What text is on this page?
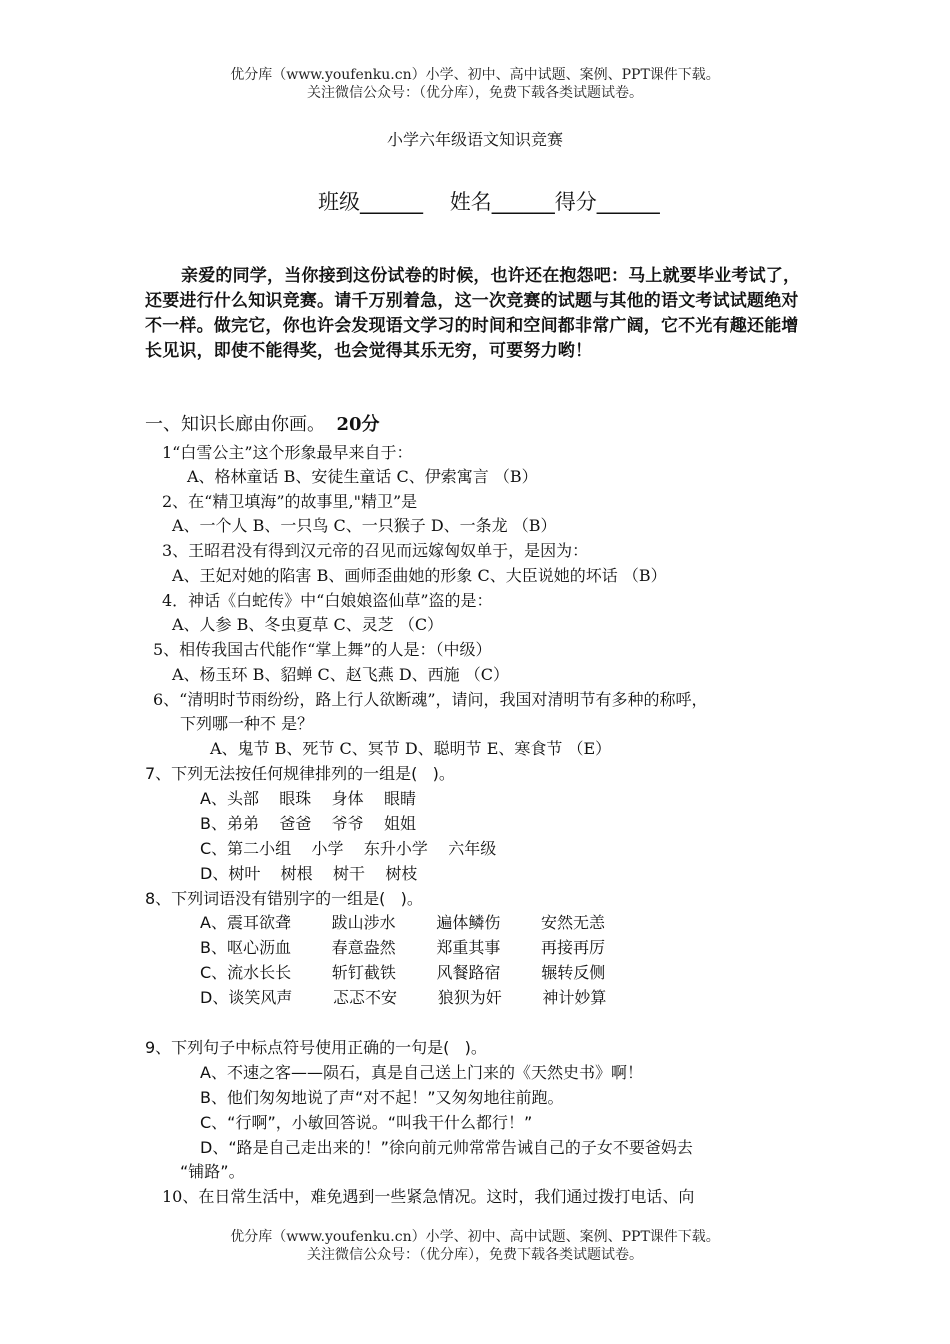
优分库（www.youfenku.cn）小学、初中、高中试题、案例、PPT课件下载。
关注微信公众号：（优分库），免费下载各类试题试卷。
小学六年级语文知识竞赛
班级______    姓名______得分______
亲爱的同学，当你接到这份试卷的时候，也许还在抱怨吧：马上就要毕业考试了，还要进行什么知识竞赛。请千万别着急，这一次竞赛的试题与其他的语文考试试题绝对不一样。做完它，你也许会发现语文学习的时间和空间都非常广阔，它不光有趣还能增长见识，即使不能得奖，也会觉得其乐无穷，可要努力哟！
一、知识长廊由你画。 20分
1“白雪公主”这个形象最早来自于：
A、格林童话 B、安徒生童话 C、伊索寓言 （B）
2、在“精卫填海”的故事里,"精卫”是
A、一个人 B、一只鸟 C、一只猴子 D、一条龙 （B）
3、王昭君没有得到汉元帝的召见而远嫁匈奴单于，是因为：
A、王妃对她的陷害 B、画师歪曲她的形象 C、大臣说她的坏话 （B）
4．神话《白蛇传》中“白娘娘盗仙草”盗的是：
A、人参 B、冬虫夏草 C、灵芝 （C）
5、相传我国古代能作“掌上舞”的人是：（中级）
A、杨玉环 B、貂蝉 C、赵飞燕 D、西施 （C）
6、“清明时节雨纷纷，路上行人欲断魂”，请问，我国对清明节有多种的称呼，
下列哪一种不 是？
A、鬼节 B、死节 C、冥节 D、聪明节 E、寒食节 （E）
7、下列无法按任何规律排列的一组是(   )。
A、头部    眼珠    身体    眼睛
B、弟弟    爸爸    爷爷    姐姐
C、第二小组    小学    东升小学    六年级
D、树叶    树根    树干    树枝
8、下列词语没有错别字的一组是(   )。
A、震耳欲聋        跋山涉水        遍体鳞伤        安然无恙
B、呕心沥血        春意盎然        郑重其事        再接再厉
C、流水长长        斩钉截铁        风餐路宿        辗转反侧
D、谈笑风声        忑忑不安        狼狈为奸        神计妙算
9、下列句子中标点符号使用正确的一句是(   )。
A、不速之客——陨石，真是自己送上门来的《天然史书》啊！
B、他们匆匆地说了声“对不起！”又匆匆地往前跑。
C、“行啊”，小敏回答说。“叫我干什么都行！”
D、“路是自己走出来的！”徐向前元帅常常告诫自己的子女不要爸妈去
“铺路”。
10、在日常生活中，难免遇到一些紧急情况。这时，我们通过拨打电话、向
优分库（www.youfenku.cn）小学、初中、高中试题、案例、PPT课件下载。
关注微信公众号：（优分库），免费下载各类试题试卷。
